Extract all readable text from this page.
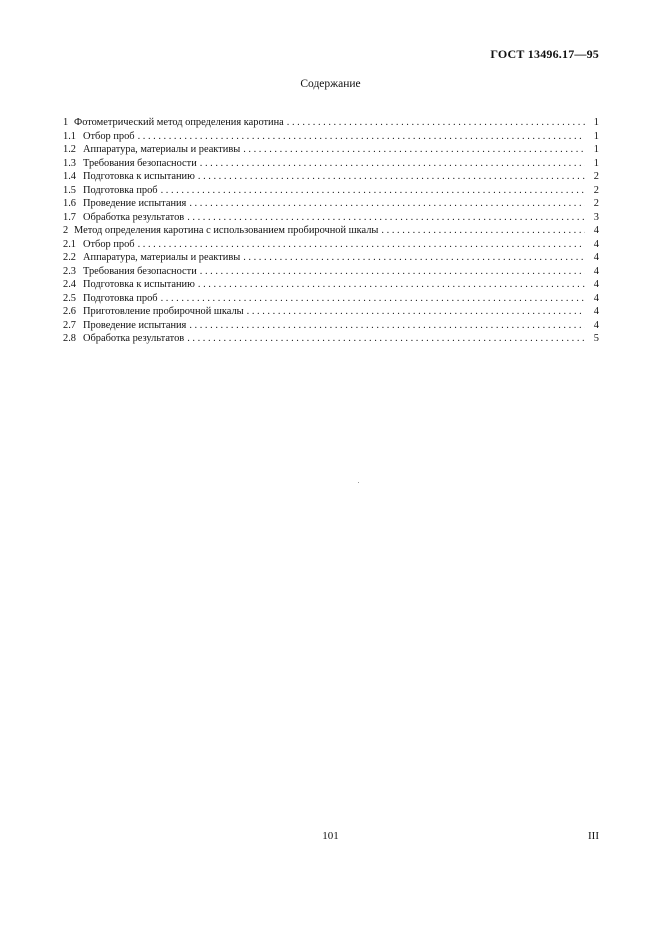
ГОСТ 13496.17—95
Содержание
1 Фотометрический метод определения каротина . . .	1
1.1 Отбор проб . . .	1
1.2 Аппаратура, материалы и реактивы . . .	1
1.3 Требования безопасности . . .	1
1.4 Подготовка к испытанию . . .	2
1.5 Подготовка проб . . .	2
1.6 Проведение испытания . . .	2
1.7 Обработка результатов . . .	3
2 Метод определения каротина с использованием пробирочной шкалы . . .	4
2.1 Отбор проб . . .	4
2.2 Аппаратура, материалы и реактивы . . .	4
2.3 Требования безопасности . . .	4
2.4 Подготовка к испытанию . . .	4
2.5 Подготовка проб . . .	4
2.6 Приготовление пробирочной шкалы . . .	4
2.7 Проведение испытания . . .	4
2.8 Обработка результатов . . .	5
101	III
